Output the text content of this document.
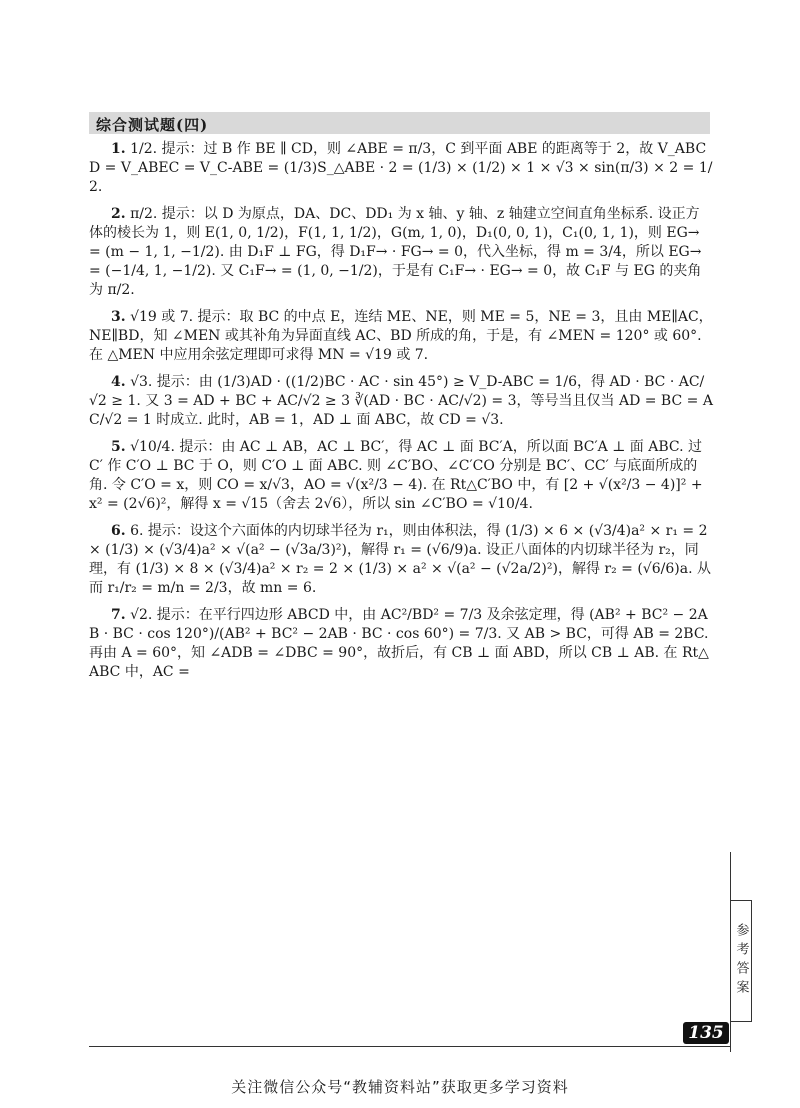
综合测试题(四)

1. 1/2. 提示：过 B 作 BE ∥ CD，则 ∠ABE = π/3，C 到平面 ABE 的距离等于 2，故 V_ABCD = V_ABEC = V_C-ABE = (1/3)S_△ABE · 2 = (1/3) × (1/2) × 1 × √3 × sin(π/3) × 2 = 1/2.

2. π/2. 提示：以 D 为原点，DA、DC、DD₁ 为 x 轴、y 轴、z 轴建立空间直角坐标系. 设正方体的棱长为 1，则 E(1, 0, 1/2)，F(1, 1, 1/2)，G(m, 1, 0)，D₁(0, 0, 1)，C₁(0, 1, 1)，则 EG→ = (m − 1, 1, −1/2). 由 D₁F ⊥ FG，得 D₁F→ · FG→ = 0，代入坐标，得 m = 3/4，所以 EG→ = (−1/4, 1, −1/2). 又 C₁F→ = (1, 0, −1/2)，于是有 C₁F→ · EG→ = 0，故 C₁F 与 EG 的夹角为 π/2.

3. √19 或 7. 提示：取 BC 的中点 E，连结 ME、NE，则 ME = 5，NE = 3，且由 ME∥AC，NE∥BD，知 ∠MEN 或其补角为异面直线 AC、BD 所成的角，于是，有 ∠MEN = 120° 或 60°. 在 △MEN 中应用余弦定理即可求得 MN = √19 或 7.

4. √3. 提示：由 (1/3)AD · ((1/2)BC · AC · sin 45°) ≥ V_D-ABC = 1/6，得 AD · BC · AC/√2 ≥ 1. 又 3 = AD + BC + AC/√2 ≥ 3 ∛(AD · BC · AC/√2) = 3，等号当且仅当 AD = BC = AC/√2 = 1 时成立. 此时，AB = 1，AD ⊥ 面 ABC，故 CD = √3.

5. √10/4. 提示：由 AC ⊥ AB，AC ⊥ BC′，得 AC ⊥ 面 BC′A，所以面 BC′A ⊥ 面 ABC. 过 C′ 作 C′O ⊥ BC 于 O，则 C′O ⊥ 面 ABC. 则 ∠C′BO、∠C′CO 分别是 BC′、CC′ 与底面所成的角. 令 C′O = x，则 CO = x/√3，AO = √(x²/3 − 4). 在 Rt△C′BO 中，有 [2 + √(x²/3 − 4)]² + x² = (2√6)²，解得 x = √15（舍去 2√6），所以 sin ∠C′BO = √10/4.

6. 6. 提示：设这个六面体的内切球半径为 r₁，则由体积法，得 (1/3) × 6 × (√3/4)a² × r₁ = 2 × (1/3) × (√3/4)a² × √(a² − (√3a/3)²)，解得 r₁ = (√6/9)a. 设正八面体的内切球半径为 r₂，同理，有 (1/3) × 8 × (√3/4)a² × r₂ = 2 × (1/3) × a² × √(a² − (√2a/2)²)，解得 r₂ = (√6/6)a. 从而 r₁/r₂ = m/n = 2/3，故 mn = 6.

7. √2. 提示：在平行四边形 ABCD 中，由 AC²/BD² = 7/3 及余弦定理，得 (AB² + BC² − 2AB · BC · cos 120°)/(AB² + BC² − 2AB · BC · cos 60°) = 7/3. 又 AB > BC，可得 AB = 2BC. 再由 A = 60°，知 ∠ADB = ∠DBC = 90°，故折后，有 CB ⊥ 面 ABD，所以 CB ⊥ AB. 在 Rt△ABC 中，AC =

参考答案
135
关注微信公众号“教辅资料站”获取更多学习资料
